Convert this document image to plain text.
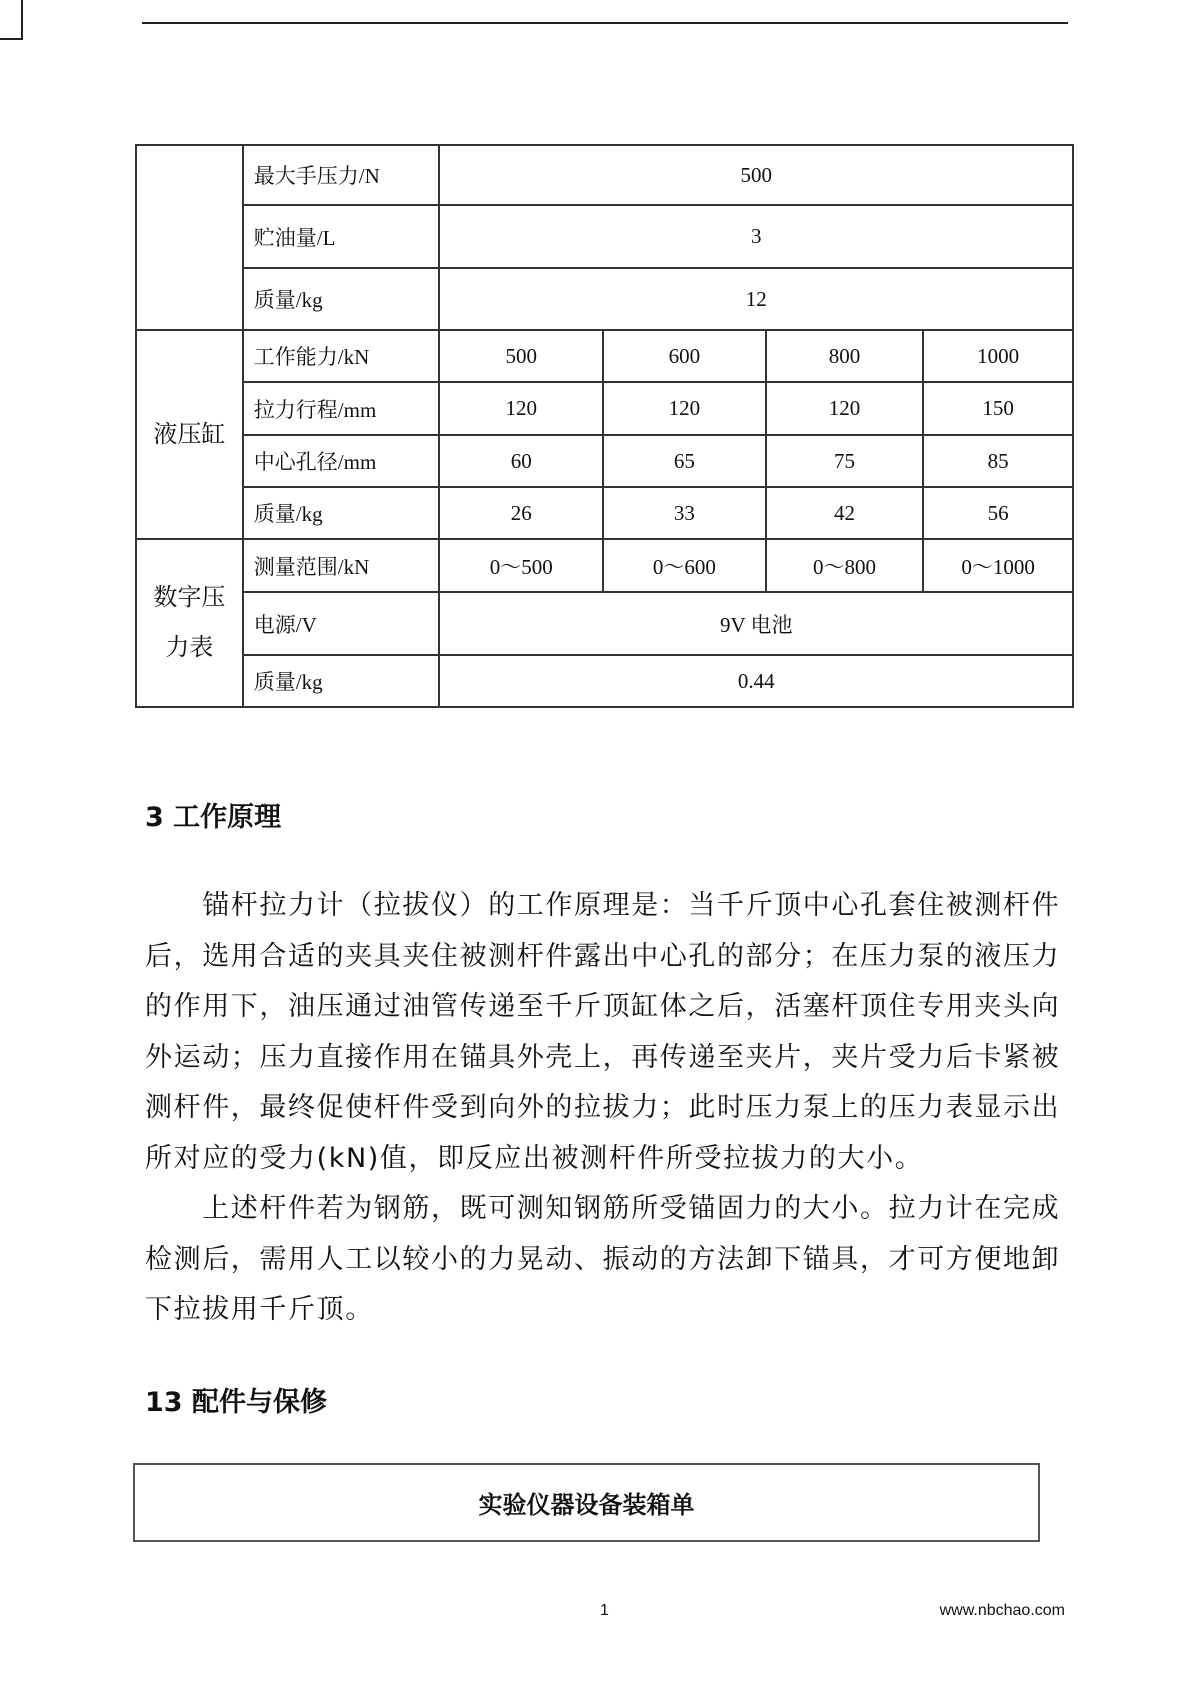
	最大手压力/N	500			
	贮油量/L	3			
	质量/kg	12			
液压缸	工作能力/kN	500	600	800	1000
	拉力行程/mm	120	120	120	150
	中心孔径/mm	60	65	75	85
	质量/kg	26	33	42	56
数字压力表	测量范围/kN	0～500	0～600	0～800	0～1000
	电源/V	9V 电池			
	质量/kg	0.44			
3 工作原理
　　锚杆拉力计（拉拔仪）的工作原理是：当千斤顶中心孔套住被测杆件
后，选用合适的夹具夹住被测杆件露出中心孔的部分；在压力泵的液压力
的作用下，油压通过油管传递至千斤顶缸体之后，活塞杆顶住专用夹头向
外运动；压力直接作用在锚具外壳上，再传递至夹片，夹片受力后卡紧被
测杆件，最终促使杆件受到向外的拉拔力；此时压力泵上的压力表显示出
所对应的受力(kN)值，即反应出被测杆件所受拉拔力的大小。
　　上述杆件若为钢筋，既可测知钢筋所受锚固力的大小。拉力计在完成
检测后，需用人工以较小的力晃动、振动的方法卸下锚具，才可方便地卸
下拉拔用千斤顶。
13 配件与保修
实验仪器设备装箱单
1	www.nbchao.com
